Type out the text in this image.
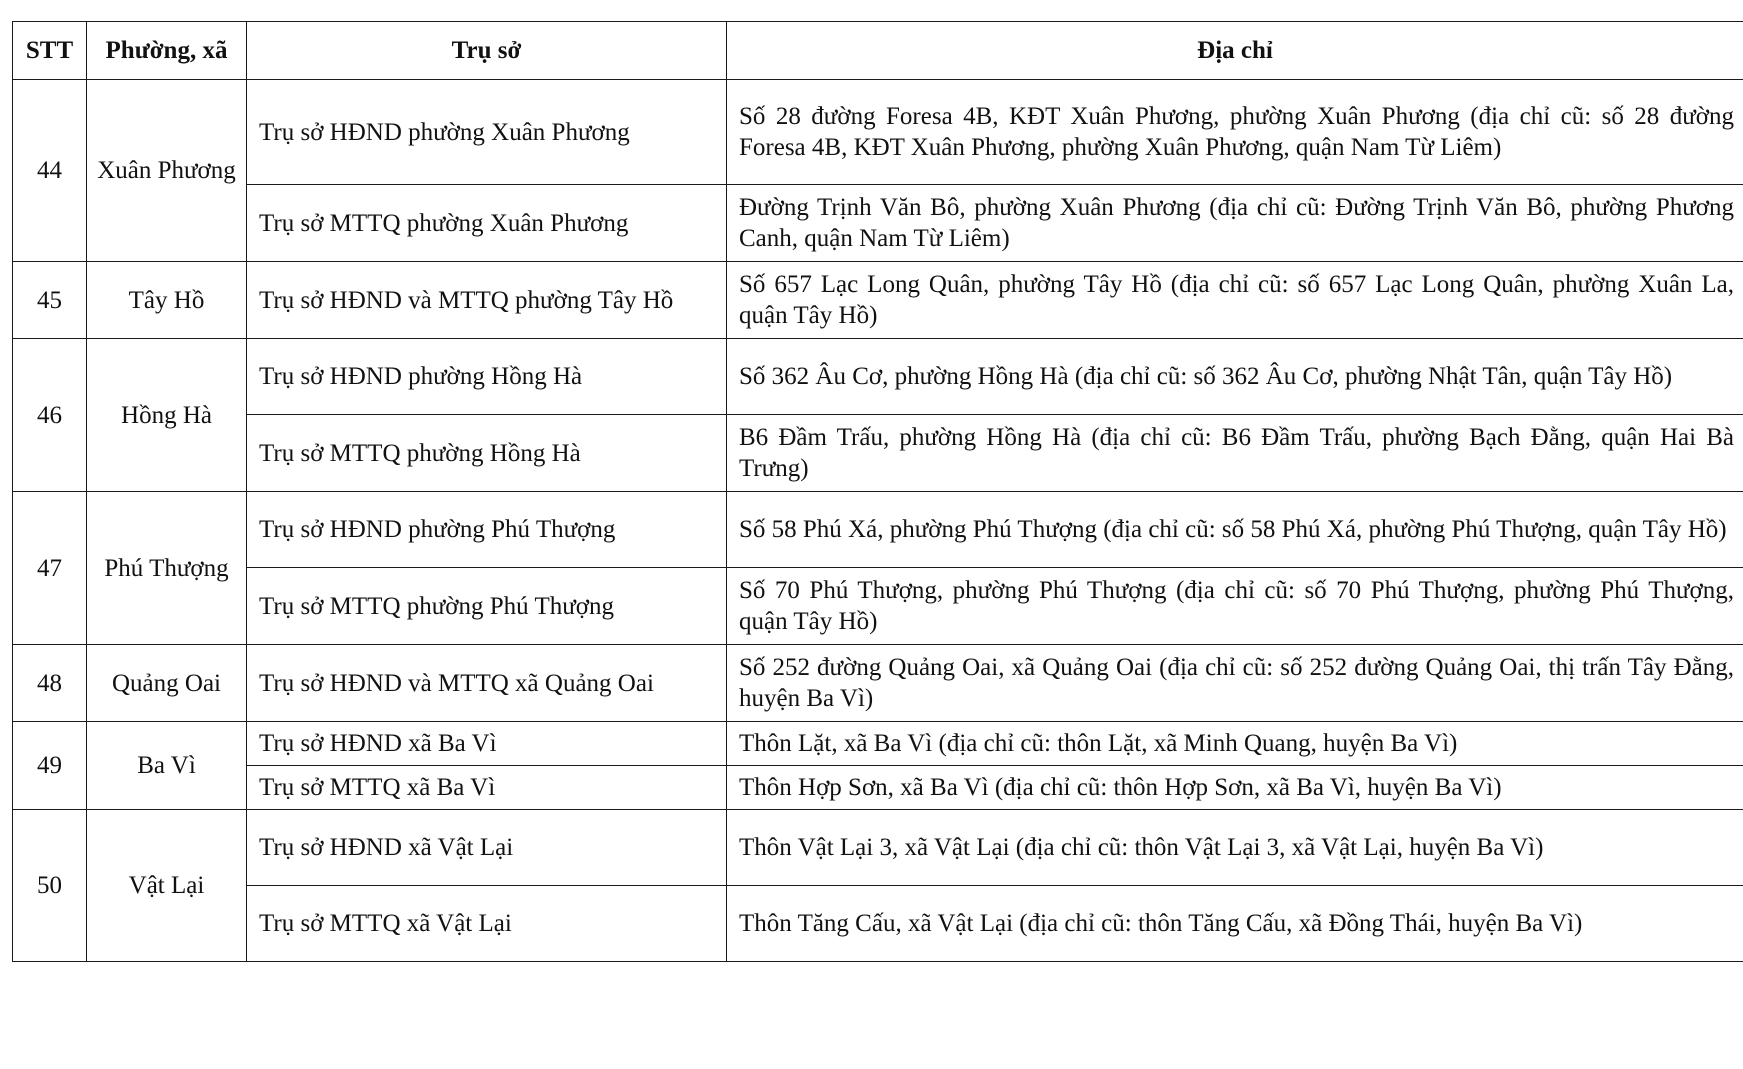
STT	Phường, xã	Trụ sở	Địa chỉ
44	Xuân Phương	Trụ sở HĐND phường Xuân Phương	Số 28 đường Foresa 4B, KĐT Xuân Phương, phường Xuân Phương (địa chỉ cũ: số 28 đường Foresa 4B, KĐT Xuân Phương, phường Xuân Phương, quận Nam Từ Liêm)
		Trụ sở MTTQ phường Xuân Phương	Đường Trịnh Văn Bô, phường Xuân Phương (địa chỉ cũ: Đường Trịnh Văn Bô, phường Phương Canh, quận Nam Từ Liêm)
45	Tây Hồ	Trụ sở HĐND và MTTQ phường Tây Hồ	Số 657 Lạc Long Quân, phường Tây Hồ (địa chỉ cũ: số 657 Lạc Long Quân, phường Xuân La, quận Tây Hồ)
46	Hồng Hà	Trụ sở HĐND phường Hồng Hà	Số 362 Âu Cơ, phường Hồng Hà (địa chỉ cũ: số 362 Âu Cơ, phường Nhật Tân, quận Tây Hồ)
		Trụ sở MTTQ phường Hồng Hà	B6 Đầm Trấu, phường Hồng Hà (địa chỉ cũ: B6 Đầm Trấu, phường Bạch Đằng, quận Hai Bà Trưng)
47	Phú Thượng	Trụ sở HĐND phường Phú Thượng	Số 58 Phú Xá, phường Phú Thượng (địa chỉ cũ: số 58 Phú Xá, phường Phú Thượng, quận Tây Hồ)
		Trụ sở MTTQ phường Phú Thượng	Số 70 Phú Thượng, phường Phú Thượng (địa chỉ cũ: số 70 Phú Thượng, phường Phú Thượng, quận Tây Hồ)
48	Quảng Oai	Trụ sở HĐND và MTTQ xã Quảng Oai	Số 252 đường Quảng Oai, xã Quảng Oai (địa chỉ cũ: số 252 đường Quảng Oai, thị trấn Tây Đằng, huyện Ba Vì)
49	Ba Vì	Trụ sở HĐND xã Ba Vì	Thôn Lặt, xã Ba Vì (địa chỉ cũ: thôn Lặt, xã Minh Quang, huyện Ba Vì)
		Trụ sở MTTQ xã Ba Vì	Thôn Hợp Sơn, xã Ba Vì (địa chỉ cũ: thôn Hợp Sơn, xã Ba Vì, huyện Ba Vì)
50	Vật Lại	Trụ sở HĐND xã Vật Lại	Thôn Vật Lại 3, xã Vật Lại (địa chỉ cũ: thôn Vật Lại 3, xã Vật Lại, huyện Ba Vì)
		Trụ sở MTTQ xã Vật Lại	Thôn Tăng Cấu, xã Vật Lại (địa chỉ cũ: thôn Tăng Cấu, xã Đồng Thái, huyện Ba Vì)
